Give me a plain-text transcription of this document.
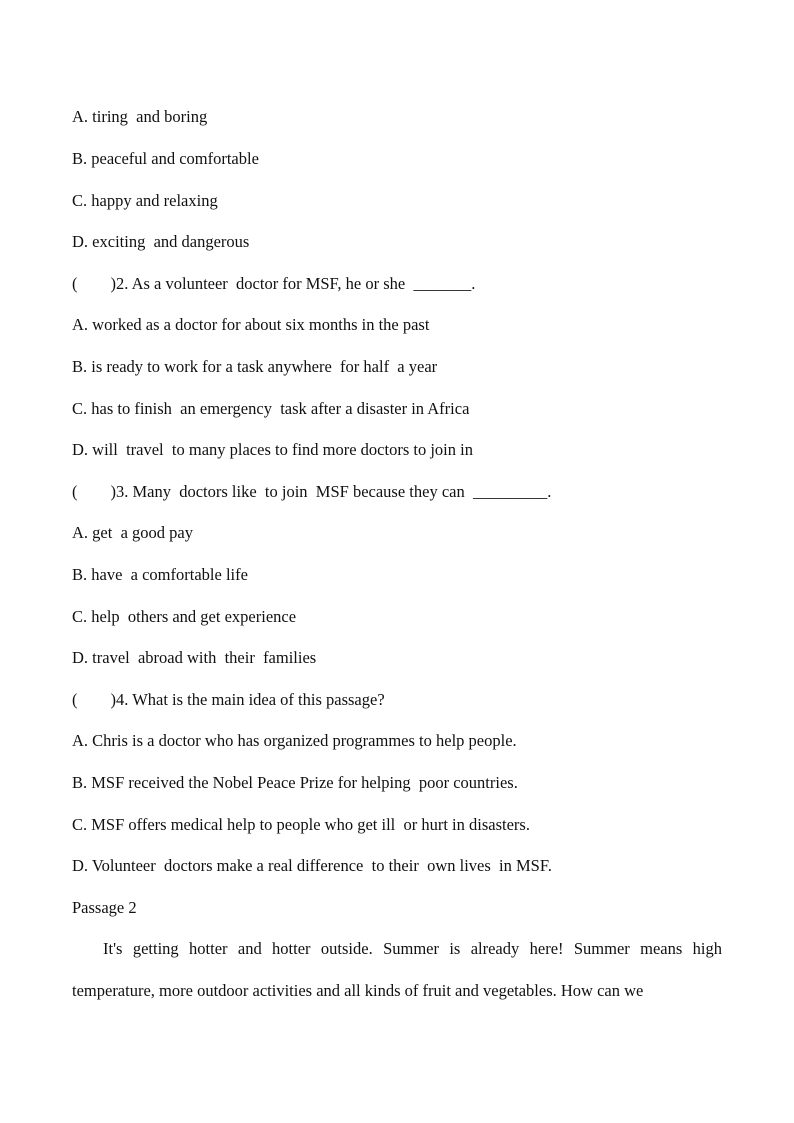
A. tiring  and boring
B. peaceful and comfortable
C. happy and relaxing
D. exciting  and dangerous
(        )2. As a volunteer  doctor for MSF, he or she  _______.
A. worked as a doctor for about six months in the past
B. is ready to work for a task anywhere  for half  a year
C. has to finish  an emergency  task after a disaster in Africa
D. will  travel  to many places to find more doctors to join in
(        )3. Many  doctors like  to join  MSF because they can  _________.
A. get  a good pay
B. have  a comfortable life
C. help  others and get experience
D. travel  abroad with  their  families
(        )4. What is the main idea of this passage?
A. Chris is a doctor who has organized programmes to help people.
B. MSF received the Nobel Peace Prize for helping  poor countries.
C. MSF offers medical help to people who get ill  or hurt in disasters.
D. Volunteer  doctors make a real difference  to their  own lives  in MSF.
Passage 2

It's getting hotter and hotter outside. Summer is already here! Summer means high temperature, more outdoor activities and all kinds of fruit and vegetables. How can we
